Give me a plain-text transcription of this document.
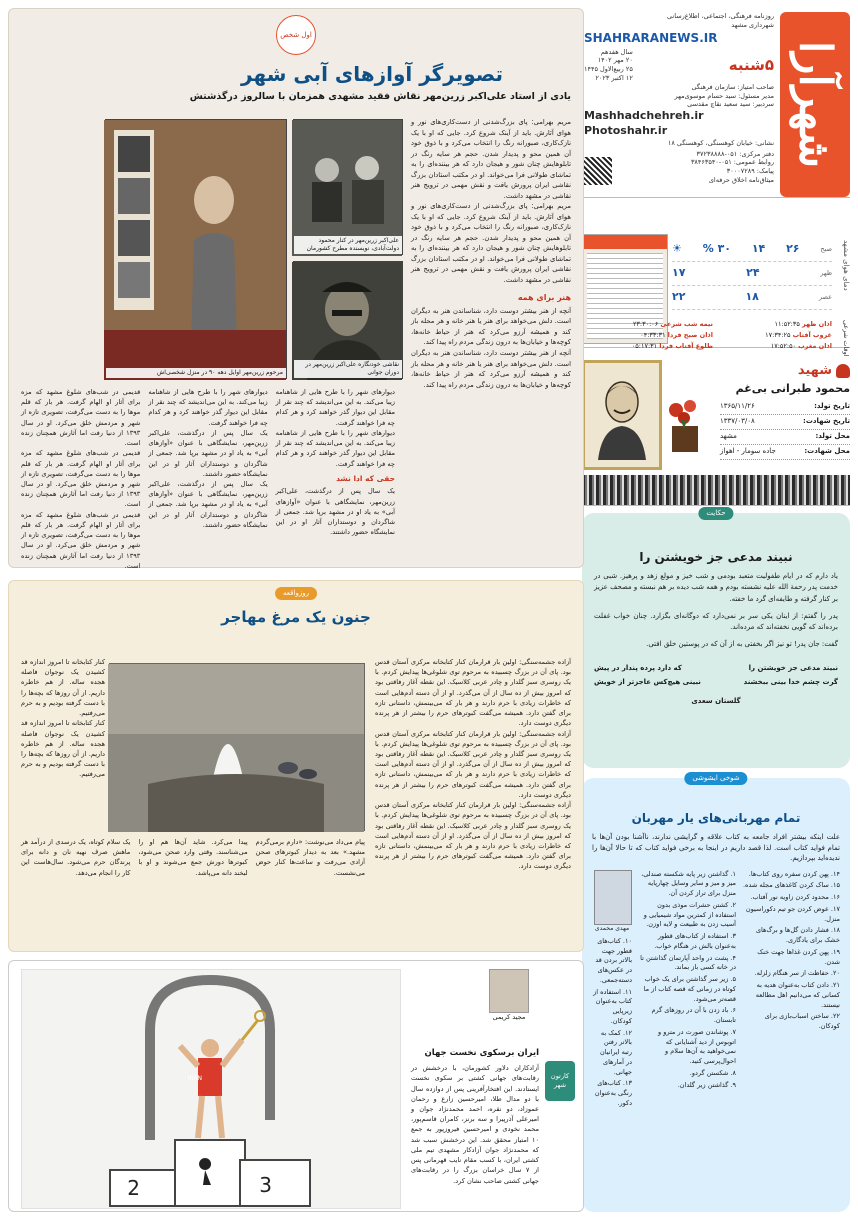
شهرآرا
روزنامه فرهنگی، اجتماعی، اطلاع‌رسانی
شهرداری مشهد
SHAHRARANEWS.IR
۵شنبه
سال هفدهم
۲۰ مهر ۱۴۰۲
۲۵ ربیع‌الاول ۱۴۴۵
۱۲ اکتبر ۲۰۲۳
صاحب امتیاز: سازمان فرهنگی
مدیر مسئول: سید حسام موسوی‌مهر
سردبیر: سید سعید نقاچ مقدسی
Mashhadchehreh.ir
Photoshahr.ir
نشانی: خیابان کوهسنگی، کوهسنگی ۱۸
دفتر مرکزی: ۰۵۱-۳۷۲۳۸۸۸۸
روابط عمومی: ۰۵۱-۳۸۴۶۳۵۴۰
پیامک: ۳۰۰۰۷۲۸۹
میثاق‌نامه اخلاق حرفه‌ای
دمای هوای مشهد
صبح
۲۶
۱۴
۳۰ %
☀
ظهر
۲۴
۱۷
عصر
۱۸
۲۲
اذان ظهر ۱۱:۵۲:۳۵
نیمه شب شرعی ۲۳:۳۰:۰۶
غروب آفتاب ۱۷:۳۴:۲۵
اذان صبح فردا ۰۴:۳۳:۳۱
اذان مغرب ۱۷:۵۲:۵۰
طلوع آفتاب فردا ۰۵:۱۷:۳۱	اوقات شرعی
شهید
محمود طبرانی بی‌غم
تاریخ تولد:
۱۳۶۵/۱۱/۲۶
تاریخ شهادت:
۱۳۳۷/۰۳/۰۸
محل تولد:
مشهد
محل شهادت:
جاده سومار - اهواز
حکایت
نبیند مدعی جز خویشتن را

یاد دارم که در ایام طفولیت متعبد بودمی و شب خیز و مولع زهد و پرهیز. شبی در خدمت پدر رحمة الله علیه نشسته بودم و همه شب دیده بر هم نبسته و مصحف عزیز بر کنار گرفته و طایفه‌ای گرد ما خفته.

پدر را گفتم: از اینان یکی سر بر نمی‌دارد که دوگانه‌ای بگزارد. چنان خواب غفلت برده‌اند که گویی نخفته‌اند که مرده‌اند.

گفت: جان پدر! تو نیز اگر بخفتی به از آن که در پوستین خلق افتی.

نبیند مدعی جز خویشتن را
که دارد پرده پندار در پیش
گرت چشم خدا بینی ببخشند
نبینی هیچ‌کس عاجزتر از خویش
گلستان سعدی
شوخی ایشوشی
تمام مهربانی‌های یار مهربان
علت اینکه بیشتر افراد جامعه به کتاب علاقه و گرایشی ندارند، ناآشنا بودن آن‌ها با تمام فواید کتاب است. لذا قصد داریم در اینجا به برخی فواید کتاب که تا حالا آن‌ها را ندیده‌اید بپردازیم.

۱۴. پهن کردن سفره روی کتاب‌ها.

۱۵. ساک کردن کاغذهای مجله شده.

۱۶. محدود کردن زاویه نور آفتاب.

۱۷. عوض کردن جو تیم دکوراسیون منزل.

۱۸. فشار دادن گل‌ها و برگ‌های خشک برای یادگاری.

۱۹. پهن کردن غذاها جهت خنک شدن.

۲۰. حفاظت از سر هنگام زلزله.

۲۱. دادن کتاب به‌عنوان هدیه به کسانی که می‌دانیم اهل مطالعه نیستند.

۲۲. ساختن اسباب‌بازی برای کودکان.

۱. گذاشتن زیر پایه شکسته صندلی، میز و میز و سایر وسایل چهارپایه منزل برای تراز کردن آن.

۲. کشتن حشرات موذی بدون استفاده از کمترین مواد شیمیایی و آسیب زدن به طبیعت و لایه اوزن.

۳. استفاده از کتاب‌های قطور به‌عنوان بالش در هنگام خواب.

۴. پشت در واحد آپارتمان گذاشتن تا در خانه کسی باز بماند.

۵. زیر سر گذاشتن برای یک خواب کوتاه در زمانی که قصه کتاب از ما قصه‌تر می‌شود.

۶. باد زدن با آن در روزهای گرم تابستان.

۷. پوشاندن صورت در مترو و اتوبوس از دید آشنایانی که نمی‌خواهید به آن‌ها سلام و احوال‌پرسی کنید.

۸. شکستن گردو.

۹. گذاشتن زیر گلدان.

مهدی محمدی

۱۰. کتاب‌های قطور جهت بالاتر بردن قد در عکس‌های دسته‌جمعی.

۱۱. استفاده از کتاب به‌عنوان زیرپایی کودکان.

۱۲. کمک به بالاتر رفتن رتبه ایرانیان در آمارهای جهانی.

۱۳. کتاب‌های رنگی به‌عنوان دکور.

اول شخص
تصویرگر آوازهای آبی شهر
یادی از استاد علی‌اکبر زرین‌مهر نقاش فقید مشهدی همزمان با سالروز درگذشتش

مریم بهرامی: پای بزرگ‌شدنی از دست‌کاری‌های نور و هوای آثارش. باید از آینک شروع کرد. جایی که او با یک نازک‌کاری، صبورانه رنگ را انتخاب می‌کرد و با ذوق خود آن همین محو و پدیدار شدن. حجم هر سایه رنگ در تابلوهایش چنان شور و هیجان دارد که هر بیننده‌ای را به تماشای طولانی فرا می‌خواند. او در مکتب استادان بزرگ نقاشی ایران پرورش یافت و نقش مهمی در ترویج هنر نقاشی در مشهد داشت.

مریم بهرامی: پای بزرگ‌شدنی از دست‌کاری‌های نور و هوای آثارش. باید از آینک شروع کرد. جایی که او با یک نازک‌کاری، صبورانه رنگ را انتخاب می‌کرد و با ذوق خود آن همین محو و پدیدار شدن. حجم هر سایه رنگ در تابلوهایش چنان شور و هیجان دارد که هر بیننده‌ای را به تماشای طولانی فرا می‌خواند. او در مکتب استادان بزرگ نقاشی ایران پرورش یافت و نقش مهمی در ترویج هنر نقاشی در مشهد داشت.

هنر برای همه

آنچه از هنر بیشتر دوست دارد، شناساندن هنر به دیگران است. دلش می‌خواهد برای هنر یا هنر خانه و هر محله باز کند و همیشه آرزو می‌کرد که هنر از حیاط خانه‌ها، کوچه‌ها و خیابان‌ها به درون زندگی مردم راه پیدا کند.

آنچه از هنر بیشتر دوست دارد، شناساندن هنر به دیگران است. دلش می‌خواهد برای هنر یا هنر خانه و هر محله باز کند و همیشه آرزو می‌کرد که هنر از حیاط خانه‌ها، کوچه‌ها و خیابان‌ها به درون زندگی مردم راه پیدا کند.

علی‌اکبر زرین‌مهر در کنار محمود دولت‌آبادی، نویسنده مطرح کشورمان
نقاشی خودنگاره علی‌اکبر زرین‌مهر در دوران جوانی
مرحوم زرین‌مهر اوایل دهه ۹۰ در منزل شخصی‌اش

دیوارهای شهر را با طرح هایی از شاهنامه زیبا می‌کند. به این می‌اندیشد که چند نقر از مقابل این دیوار گذر خواهند کرد و هر کدام چه فرا خواهند گرفت.

دیوارهای شهر را با طرح هایی از شاهنامه زیبا می‌کند. به این می‌اندیشد که چند نقر از مقابل این دیوار گذر خواهند کرد و هر کدام چه فرا خواهند گرفت.

حقی که ادا نشد

یک سال پس از درگذشت، علی‌اکبر زرین‌مهر، نمایشگاهی با عنوان «آوازهای آبی» به یاد او در مشهد برپا شد. جمعی از شاگردان و دوستداران آثار او در این نمایشگاه حضور داشتند.

دیوارهای شهر را با طرح هایی از شاهنامه زیبا می‌کند. به این می‌اندیشد که چند نقر از مقابل این دیوار گذر خواهند کرد و هر کدام چه فرا خواهند گرفت.

یک سال پس از درگذشت، علی‌اکبر زرین‌مهر، نمایشگاهی با عنوان «آوازهای آبی» به یاد او در مشهد برپا شد. جمعی از شاگردان و دوستداران آثار او در این نمایشگاه حضور داشتند.

یک سال پس از درگذشت، علی‌اکبر زرین‌مهر، نمایشگاهی با عنوان «آوازهای آبی» به یاد او در مشهد برپا شد. جمعی از شاگردان و دوستداران آثار او در این نمایشگاه حضور داشتند.

قدیمی در شب‌های شلوغ مشهد که مزه برای آثار او الهام گرفت. هر بار که قلم موها را به دست می‌گرفت، تصویری تازه از شهر و مردمش خلق می‌کرد. او در سال ۱۳۹۳ از دنیا رفت اما آثارش همچنان زنده است.

قدیمی در شب‌های شلوغ مشهد که مزه برای آثار او الهام گرفت. هر بار که قلم موها را به دست می‌گرفت، تصویری تازه از شهر و مردمش خلق می‌کرد. او در سال ۱۳۹۳ از دنیا رفت اما آثارش همچنان زنده است.

قدیمی در شب‌های شلوغ مشهد که مزه برای آثار او الهام گرفت. هر بار که قلم موها را به دست می‌گرفت، تصویری تازه از شهر و مردمش خلق می‌کرد. او در سال ۱۳۹۳ از دنیا رفت اما آثارش همچنان زنده است.

روزواقعه
جنون یک مرغ مهاجر

آزاده جشمه‌سنگی: اولین بار قرارمان کنار کتابخانه مرکزی آستان قدس بود. پای آن در بزرگ چسبیده به مرحوم توی شلوغی‌ها پیدایش کردم. با یک روسری سبز گلدار و چادر عربی کلاسیک. این نقطه آغاز رفاقتی بود که امروز بیش از ده سال از آن می‌گذرد. او از آن دسته آدم‌هایی است که خاطرات زیادی با حرم دارند و هر بار که می‌بینمش، داستانی تازه برای گفتن دارد. همیشه می‌گفت کبوترهای حرم را بیشتر از هر پرنده دیگری دوست دارد.

آزاده جشمه‌سنگی: اولین بار قرارمان کنار کتابخانه مرکزی آستان قدس بود. پای آن در بزرگ چسبیده به مرحوم توی شلوغی‌ها پیدایش کردم. با یک روسری سبز گلدار و چادر عربی کلاسیک. این نقطه آغاز رفاقتی بود که امروز بیش از ده سال از آن می‌گذرد. او از آن دسته آدم‌هایی است که خاطرات زیادی با حرم دارند و هر بار که می‌بینمش، داستانی تازه برای گفتن دارد. همیشه می‌گفت کبوترهای حرم را بیشتر از هر پرنده دیگری دوست دارد.

آزاده جشمه‌سنگی: اولین بار قرارمان کنار کتابخانه مرکزی آستان قدس بود. پای آن در بزرگ چسبیده به مرحوم توی شلوغی‌ها پیدایش کردم. با یک روسری سبز گلدار و چادر عربی کلاسیک. این نقطه آغاز رفاقتی بود که امروز بیش از ده سال از آن می‌گذرد. او از آن دسته آدم‌هایی است که خاطرات زیادی با حرم دارند و هر بار که می‌بینمش، داستانی تازه برای گفتن دارد. همیشه می‌گفت کبوترهای حرم را بیشتر از هر پرنده دیگری دوست دارد.

کنار کتابخانه تا امروز اندازه قد کشیدن یک نوجوان فاصله هجده ساله. از هم خاطره داریم. از آن روزها که بچه‌ها را با دست گرفته بودیم و به حرم می‌رفتیم.

کنار کتابخانه تا امروز اندازه قد کشیدن یک نوجوان فاصله هجده ساله. از هم خاطره داریم. از آن روزها که بچه‌ها را با دست گرفته بودیم و به حرم می‌رفتیم.

پیام می‌داد می‌نوشت: «دارم برمی‌گردم مشهد.» بعد به دیدار کبوترهای صحن آزادی می‌رفت و ساعت‌ها کنار حوض می‌نشست.

پیدا می‌کرد. شاید آن‌ها هم او را می‌شناسند. وقتی وارد صحن می‌شود، کبوترها دورش جمع می‌شوند و او با لبخند دانه می‌پاشد.

یک سلام کوتاه، یک درسدی از درآمد هر ماهش صرف نهیه نان و دانه برای پرندگان حرم می‌شود. سال‌هاست این کار را انجام می‌دهد.

2	3
IRAN
مجید کریمی
کارتون شهر
ایران برسکوی نخست جهان

آزادکاران دلاور کشورمان، با درخشش در رقابت‌های جهانی کشتی بر سکوی نخست ایستادند. این افتخارآفرینی پس از دوازده سال با دو مدال طلا، امیرحسین زارع و رحمان عموزاد، دو نقره، احمد محمدنژاد جوان و امیرعلی آذرپیرا و سه برنز، کامران قاسم‌پور، محمد نخودی و امیرحسین فیروزپور به جمع ۱۰ امتیاز محقق شد. این درخشش سبب شد که محمدنژاد جوان آزادکار مشهدی تیم ملی کشتی ایران، با کسب مقام نایب قهرمانی پس از ۷ سال خراسان بزرگ را در رقابت‌های جهانی کشتی صاحب نشان کرد.
